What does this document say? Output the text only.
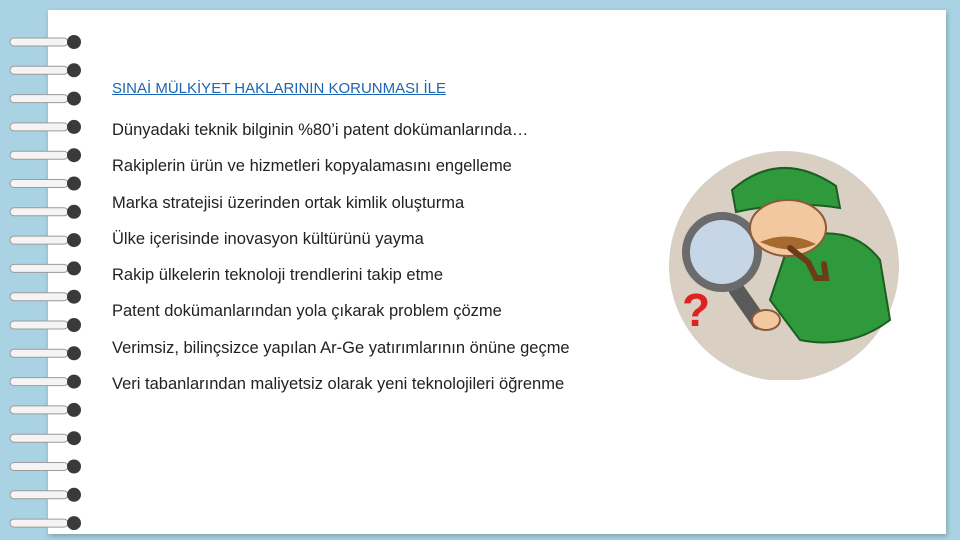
SINAİ MÜLKİYET HAKLARININ KORUNMASI İLE
Dünyadaki teknik bilginin %80’i patent dokümanlarında…
Rakiplerin ürün ve hizmetleri kopyalamasını engelleme
Marka stratejisi üzerinden ortak kimlik oluşturma
Ülke içerisinde inovasyon kültürünü yayma
Rakip ülkelerin teknoloji trendlerini takip etme
Patent dokümanlarından yola çıkarak problem çözme
Verimsiz, bilinçsizce yapılan Ar-Ge yatırımlarının önüne geçme
Veri tabanlarından maliyetsiz olarak yeni teknolojileri öğrenme
?
